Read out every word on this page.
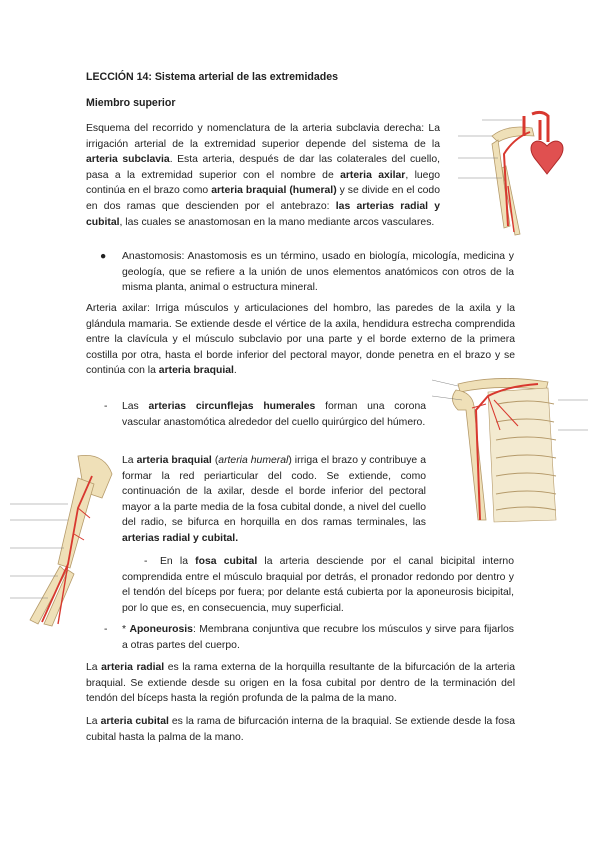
LECCIÓN 14: Sistema arterial de las extremidades
Miembro superior

Esquema del recorrido y nomenclatura de la arteria subclavia derecha: La irrigación arterial de la extremidad superior depende del sistema de la arteria subclavia. Esta arteria, después de dar las colaterales del cuello, pasa a la extremidad superior con el nombre de arteria axilar, luego continúa en el brazo como arteria braquial (humeral) y se divide en el codo en dos ramas que descienden por el antebrazo: las arterias radial y cubital, las cuales se anastomosan en la mano mediante arcos vasculares.

●	Anastomosis: Anastomosis es un término, usado en biología, micología, medicina y geología, que se refiere a la unión de unos elementos anatómicos con otros de la misma planta, animal o estructura mineral.

Arteria axilar: Irriga músculos y articulaciones del hombro, las paredes de la axila y la glándula mamaria. Se extiende desde el vértice de la axila, hendidura estrecha comprendida entre la clavícula y el músculo subclavio por una parte y el borde externo de la primera costilla por otra, hasta el borde inferior del pectoral mayor, donde penetra en el brazo y se continúa con la arteria braquial.

- Las arterias circunflejas humerales forman una corona vascular anastomótica alrededor del cuello quirúrgico del húmero.

La arteria braquial (arteria humeral) irriga el brazo y contribuye a formar la red periarticular del codo. Se extiende, como continuación de la axilar, desde el borde inferior del pectoral mayor a la parte media de la fosa cubital donde, a nivel del cuello del radio, se bifurca en horquilla en dos ramas terminales, las arterias radial y cubital.

-	En la fosa cubital la arteria desciende por el canal bicipital interno comprendida entre el músculo braquial por detrás, el pronador redondo por dentro y el tendón del bíceps por fuera; por delante está cubierta por la aponeurosis bicipital, por lo que es, en consecuencia, muy superficial.

- * Aponeurosis: Membrana conjuntiva que recubre los músculos y sirve para fijarlos a otras partes del cuerpo.

La arteria radial es la rama externa de la horquilla resultante de la bifurcación de la arteria braquial. Se extiende desde su origen en la fosa cubital por dentro de la terminación del tendón del bíceps hasta la región profunda de la palma de la mano.

La arteria cubital es la rama de bifurcación interna de la braquial. Se extiende desde la fosa cubital hasta la palma de la mano.
